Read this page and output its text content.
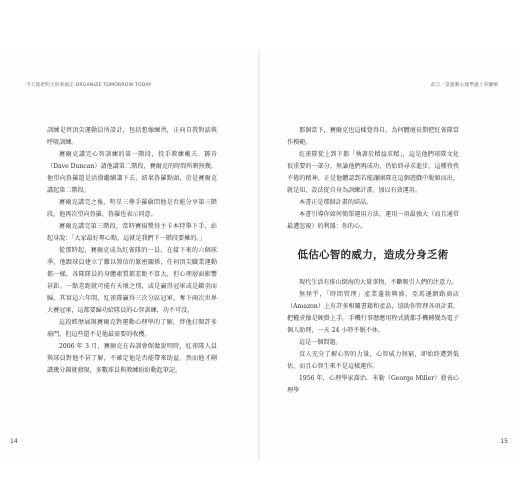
今天就把明天的事搞定 ORGANIZE TOMORROW TODAY

訓練是替頂尖運動員所設計，包括想像練習，正向自我對話與呼吸訓練。

賽爾克講完心智訓練的第一階段，投手教練戴夫．鄧肯（Dave Duncan）請他講第二階段，賽爾克的時間所剩無幾。他望向魯羅還是活潑繼續講下去，結果魯羅點頭，於是賽爾克講起第二階段。

賽爾克講完之後，明星三壘手羅倫問他是否能分享第三階段。他再次望向魯羅，魯羅也表示同意。

賽爾克講完第三階段，當時賽揚獎得主卡本特舉下手，站起身說：「大家最好專心點，這就是我們下一階段要擁的。」

從那時起，賽爾克成為紅雀隊的一員，在接下來的六個球季，他跟球員建立了難以置信的緊密關係，任何頂尖職業運動都一樣，各隊隊員的身體素質都差距不算大，但心理層面影響甚鉅。一點差距就可能有天壤之別，或是贏得冠軍或是鎩羽而歸。其實這六年間，紅雀隊贏得三次分區冠軍，奪下兩次世界大賽冠軍，這都要歸功給隊員的心智訓練，功不可沒。

這段經歷展現賽爾克對運動心理學的了解，替他打開許多扇門，但這些還不是他最需要的收穫。

2006 年 3 月，賽爾克在春訓會館做說明時，紅雀隊人員與球員對他不甚了解，不確定他是否能帶來助益。然而他才剛講幾分鐘就發現，多數球員與教練紛紛動起筆記。

14
前言／當運動心理學遇上草藥劑

那個當下，賽爾克也這樣覺得自。為何體壇長期把紅雀隊當作模範。

紅雀隊從上到下都「執著於精益求精」，這是他們球隊文化很重要的一部分，無論他們再成功，仍始終尋求進步。這種孜孜不倦的精神，正是他體認到若能讓團隊在這個遊戲中脫穎而出，就是知，設法從自身為訓練計畫，加以有效運用。

本書正是那個計畫的結晶。

本書引導你如何簡單運用方法，運用一項最強大（而且通常最遭忽視）的利器：你的心。

低估心智的威力，造成分身乏術

現代生活有排山倒海的大量事物，不斷吸引人們的注意力。

無怪乎，「時間管理」產業蓬勃興盛，亞馬遜網路商店（Amazon）上有許多相關書籍和產品，協助你管理各項計畫，把權責像是硬掛上手。手機行事曆應用程式就都手機轉變為電子個人助理，一天 24 小時不眠不休。

這是一個問題。

沒人充分了解心智的力量，心智威力無窮，卻始終遭到低估，而且心智生來不是這樣運作。

1956 年，心理學家喬治．米勒（George Miller）發表心理學

15
